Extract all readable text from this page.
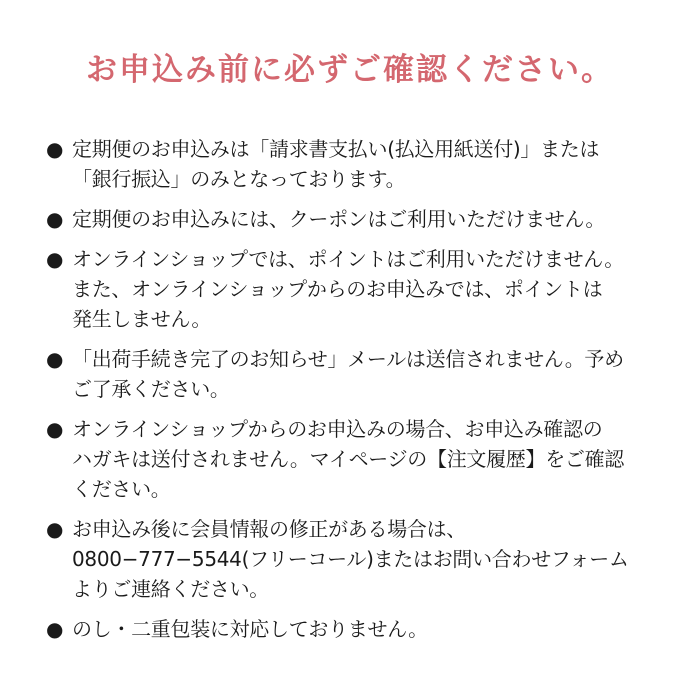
お申込み前に必ずご確認ください。
● 定期便のお申込みは「請求書支払い(払込用紙送付)」または
「銀行振込」のみとなっております。
● 定期便のお申込みには、クーポンはご利用いただけません。
● オンラインショップでは、ポイントはご利用いただけません。
また、オンラインショップからのお申込みでは、ポイントは
発生しません。
● 「出荷手続き完了のお知らせ」メールは送信されません。予め
ご了承ください。
● オンラインショップからのお申込みの場合、お申込み確認の
ハガキは送付されません。マイページの【注文履歴】をご確認
ください。
● お申込み後に会員情報の修正がある場合は、
0800−777−5544(フリーコール)またはお問い合わせフォーム
よりご連絡ください。
● のし・二重包装に対応しておりません。
